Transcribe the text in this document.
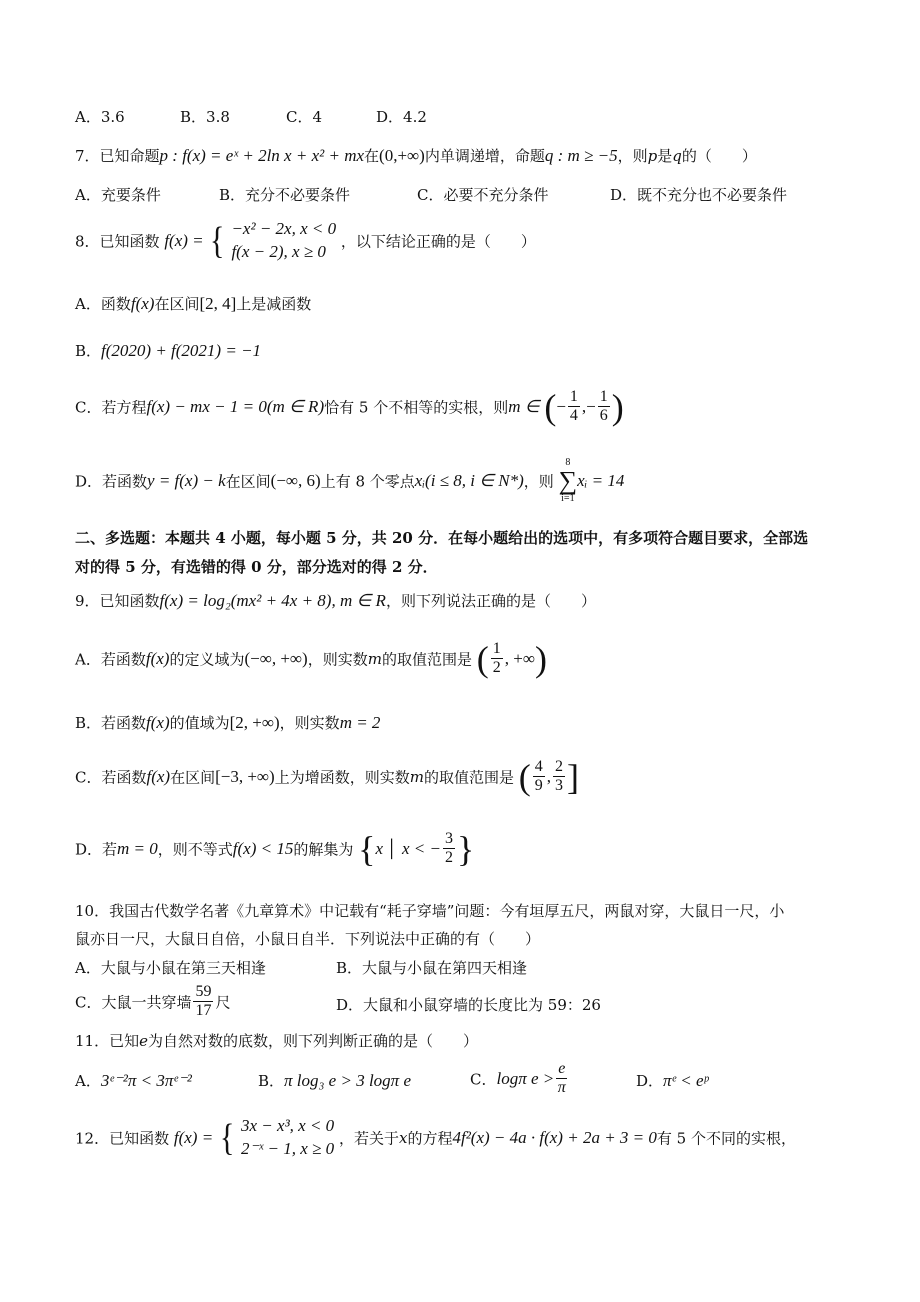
A．3.6	B．3.8	C．4	D．4.2
7．已知命题p : f(x) = eˣ + 2ln x + x² + mx在(0,+∞)内单调递增，命题q : m ≥ −5，则p是q的（　　）
A．充要条件	B．充分不必要条件	C．必要不充分条件	D．既不充分也不必要条件
8．已知函数 f(x) = { −x² − 2x, x < 0
f(x − 2), x ≥ 0
，以下结论正确的是（　　）
A．函数f(x)在区间[2, 4]上是减函数
B．f(2020) + f(2021) = −1
C．若方程f(x) − mx − 1 = 0(m ∈ R)恰有 5 个不相等的实根，则m ∈ (− $\frac{1}{4}$ ,− $\frac{1}{6}$ )
D．若函数y = f(x) − k在区间(−∞, 6)上有 8 个零点xᵢ(i ≤ 8, i ∈ N*)，则
8
∑
i=1
xᵢ = 14
二、多选题：本题共 4 小题，每小题 5 分，共 20 分．在每小题给出的选项中，有多项符合题目要求，全部选
对的得 5 分，有选错的得 0 分，部分选对的得 2 分．
9．已知函数f(x) = log₂(mx² + 4x + 8), m ∈ R，则下列说法正确的是（　　）
A．若函数f(x)的定义域为(−∞, +∞)，则实数m的取值范围是 ( $\frac{1}{2}$ , +∞)
B．若函数f(x)的值域为[2, +∞)，则实数m = 2
C．若函数f(x)在区间[−3, +∞)上为增函数，则实数m的取值范围是 ( $\frac{4}{9}$ , $\frac{2}{3}$ ]
D．若m = 0，则不等式f(x) < 15的解集为 {x │ x < − $\frac{3}{2}$ }
10．我国古代数学名著《九章算术》中记载有“耗子穿墙”问题：今有垣厚五尺，两鼠对穿，大鼠日一尺，小
鼠亦日一尺，大鼠日自倍，小鼠日自半．下列说法中正确的有（　　）
A．大鼠与小鼠在第三天相逢	B．大鼠与小鼠在第四天相逢
C．大鼠一共穿墙 $\frac{59}{17}$ 尺	D．大鼠和小鼠穿墙的长度比为 59：26
11．已知e为自然对数的底数，则下列判断正确的是（　　）
A．3ᵉ⁻²π < 3πᵉ⁻²	B．π log₃ e > 3 logπ e	C．logπ $e > \frac{e}{\pi}$	D．πᵉ < eᵖ
12．已知函数 f(x) = { 3x − x³, x < 0
2⁻ˣ − 1, x ≥ 0
，若关于x的方程4f²(x) − 4a · f(x) + 2a + 3 = 0有 5 个不同的实根，
